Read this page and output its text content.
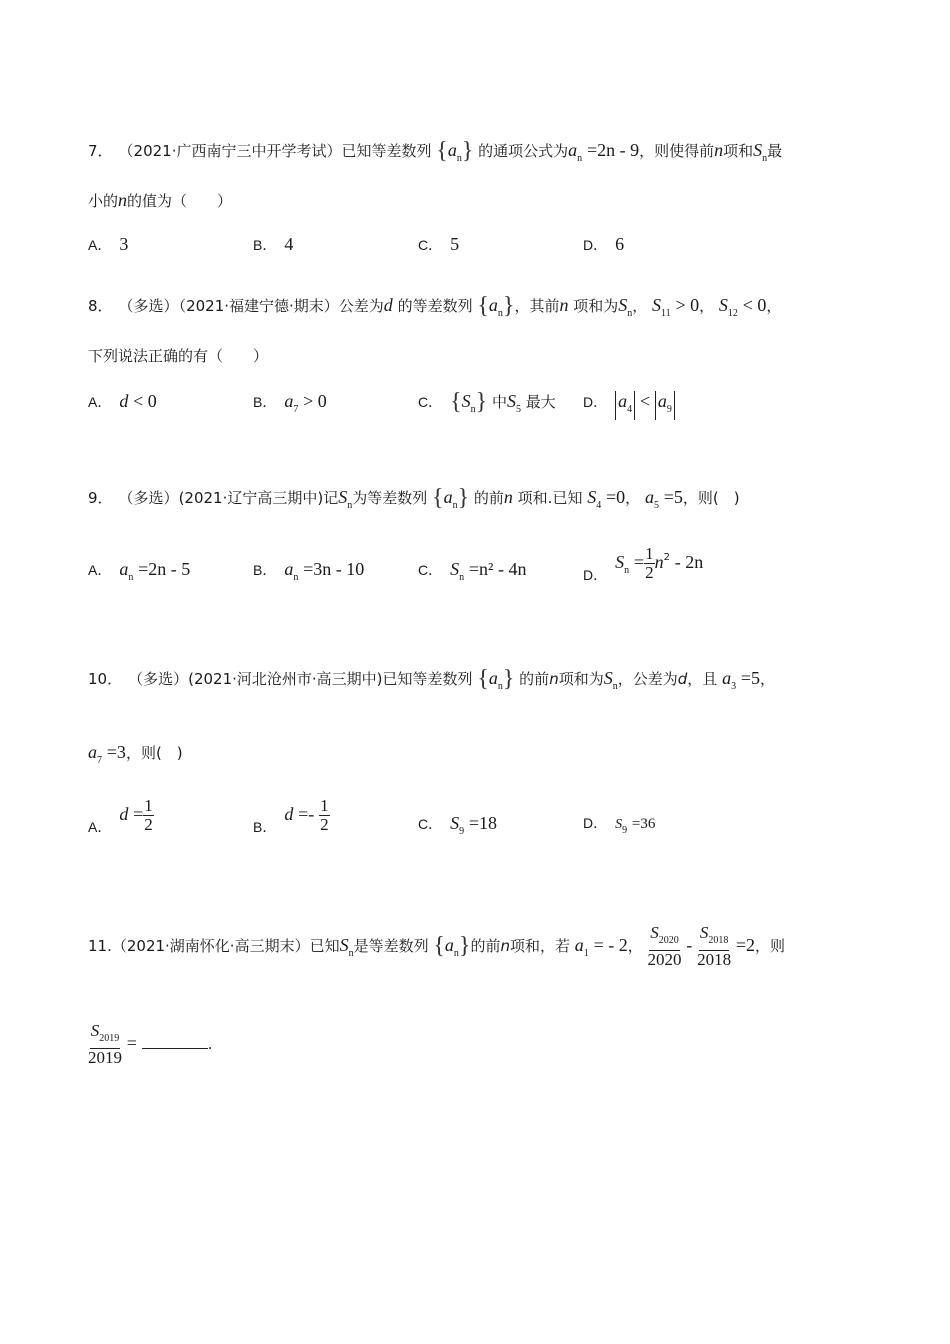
7． （2021·广西南宁三中开学考试）已知等差数列 $\{a_n\}$ 的通项公式为$a_n =2n - 9$，则使得前n项和$S_n$最
小的n的值为（　　）
A． 3	B． 4	C． 5	D． 6
8． （多选）（2021·福建宁德·期末）公差为d 的等差数列 $\{a_n\}$，其前n 项和为$S_n$， $S_{11} > 0$， $S_{12} < 0$，
下列说法正确的有（　　）
A． d < 0	B． $a_7 > 0$	C． $\{S_n\}$ 中$S_5$ 最大 D． $a_4 < a_9$
9． （多选）(2021·辽宁高三期中)记$S_n$为等差数列 $\{a_n\}$ 的前n 项和.已知 $S_4 =0$， $a_5 =5$，则(　)
A． $a_n =2n - 5$	B． $a_n =3n - 10$	C． $S_n =n^2 - 4n$	D．$S_n = \frac{1}{2} n^2 - 2n$
10． （多选）(2021·河北沧州市·高三期中)已知等差数列 $\{a_n\}$ 的前n项和为$S_n$，公差为d，且 $a_3 =5$，
$a_7 =3$，则(　)
A．$d = \frac{1}{2}$	B．$d =- \frac{1}{2}$	C． $S_9 =18$	D． $S_9 =36$
11.（2021·湖南怀化·高三期末）已知$S_n$是等差数列 $\{a_n\}$的前n项和，若 $a_1$ = - 2， $\frac{S_{2020}}{2020} - \frac{S_{2018}}{2018} =2$，则
$\frac{S_{2019}}{2019}$ =	.
